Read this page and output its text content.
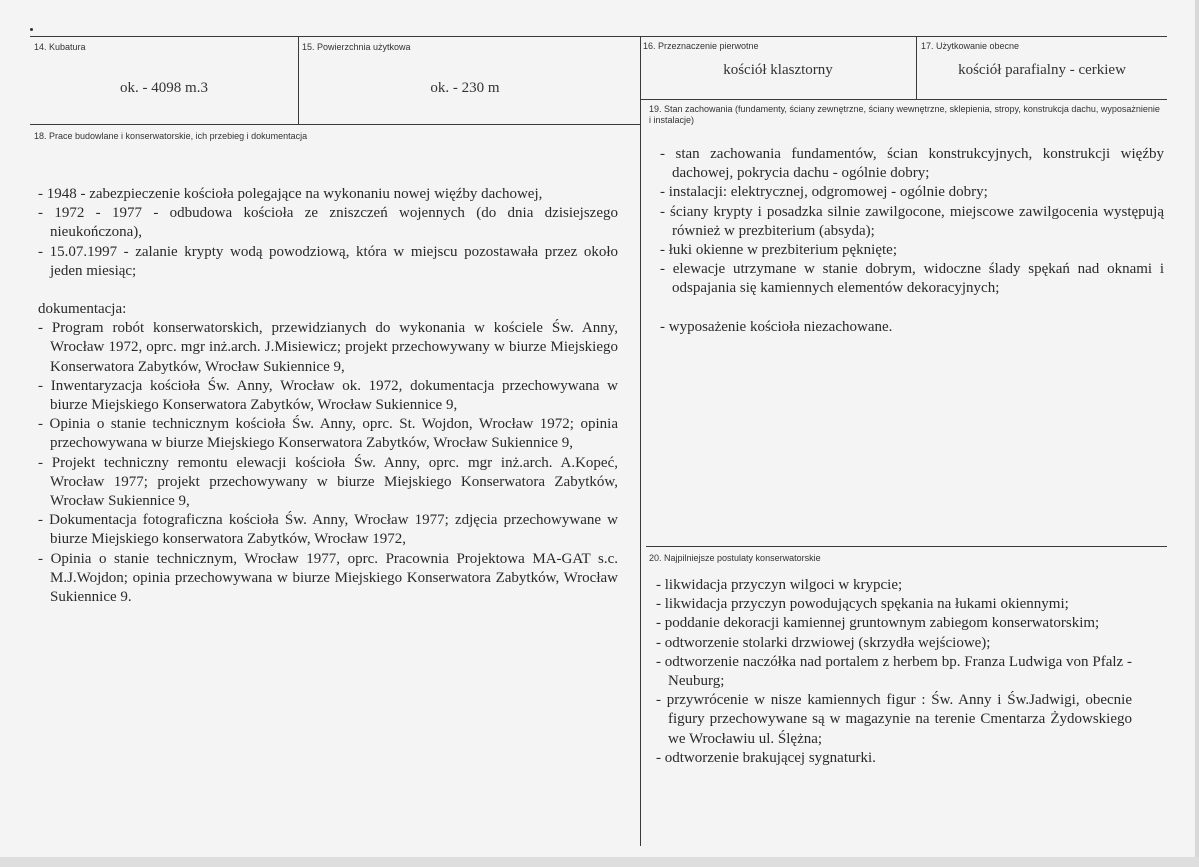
14. Kubatura
ok. - 4098 m.3
15. Powierzchnia użytkowa
ok. - 230 m
16. Przeznaczenie pierwotne
kościół klasztorny
17. Użytkowanie obecne
kościół parafialny - cerkiew
18. Prace budowlane i konserwatorskie, ich przebieg i dokumentacja
- 1948 - zabezpieczenie kościoła polegające na wykonaniu nowej więźby dachowej,
- 1972 - 1977 - odbudowa kościoła ze zniszczeń wojennych (do dnia dzisiejszego nieukończona),
- 15.07.1997 - zalanie krypty wodą powodziową, która w miejscu pozostawała przez około jeden miesiąc;
dokumentacja:
- Program robót konserwatorskich, przewidzianych do wykonania w kościele Św. Anny, Wrocław 1972, oprc. mgr inż.arch. J.Misiewicz; projekt przechowywany w biurze Miejskiego Konserwatora Zabytków, Wrocław Sukiennice 9,
- Inwentaryzacja kościoła Św. Anny, Wrocław ok. 1972, dokumentacja przechowywana w biurze Miejskiego Konserwatora Zabytków, Wrocław Sukiennice 9,
- Opinia o stanie technicznym kościoła Św. Anny, oprc. St. Wojdon, Wrocław 1972; opinia przechowywana w biurze Miejskiego Konserwatora Zabytków, Wrocław Sukiennice 9,
- Projekt techniczny remontu elewacji kościoła Św. Anny, oprc. mgr inż.arch. A.Kopeć, Wrocław 1977; projekt przechowywany w biurze Miejskiego Konserwatora Zabytków, Wrocław Sukiennice 9,
- Dokumentacja fotograficzna kościoła Św. Anny, Wrocław 1977; zdjęcia przechowywane w biurze Miejskiego konserwatora Zabytków, Wrocław 1972,
- Opinia o stanie technicznym, Wrocław 1977, oprc. Pracownia Projektowa MA-GAT s.c. M.J.Wojdon; opinia przechowywana w biurze Miejskiego Konserwatora Zabytków, Wrocław Sukiennice 9.
19. Stan zachowania (fundamenty, ściany zewnętrzne, ściany wewnętrzne, sklepienia, stropy, konstrukcja dachu, wyposażnienie i instalacje)
- stan zachowania fundamentów, ścian konstrukcyjnych, konstrukcji więźby dachowej, pokrycia dachu - ogólnie dobry;
- instalacji: elektrycznej, odgromowej - ogólnie dobry;
- ściany krypty i posadzka silnie zawilgocone, miejscowe zawilgocenia występują również w prezbiterium (absyda);
- łuki okienne w prezbiterium pęknięte;
- elewacje utrzymane w stanie dobrym, widoczne ślady spękań nad oknami i odspajania się kamiennych elementów dekoracyjnych;
- wyposażenie kościoła niezachowane.
20. Najpilniejsze postulaty konserwatorskie
- likwidacja przyczyn wilgoci w krypcie;
- likwidacja przyczyn powodujących spękania na łukami okiennymi;
- poddanie dekoracji kamiennej gruntownym zabiegom konserwatorskim;
- odtworzenie stolarki drzwiowej (skrzydła wejściowe);
- odtworzenie naczółka nad portalem z herbem bp. Franza Ludwiga von Pfalz - Neuburg;
- przywrócenie w nisze kamiennych figur : Św. Anny i Św.Jadwigi, obecnie figury przechowywane są w magazynie na terenie Cmentarza Żydowskiego we Wrocławiu ul. Ślężna;
- odtworzenie brakującej sygnaturki.
